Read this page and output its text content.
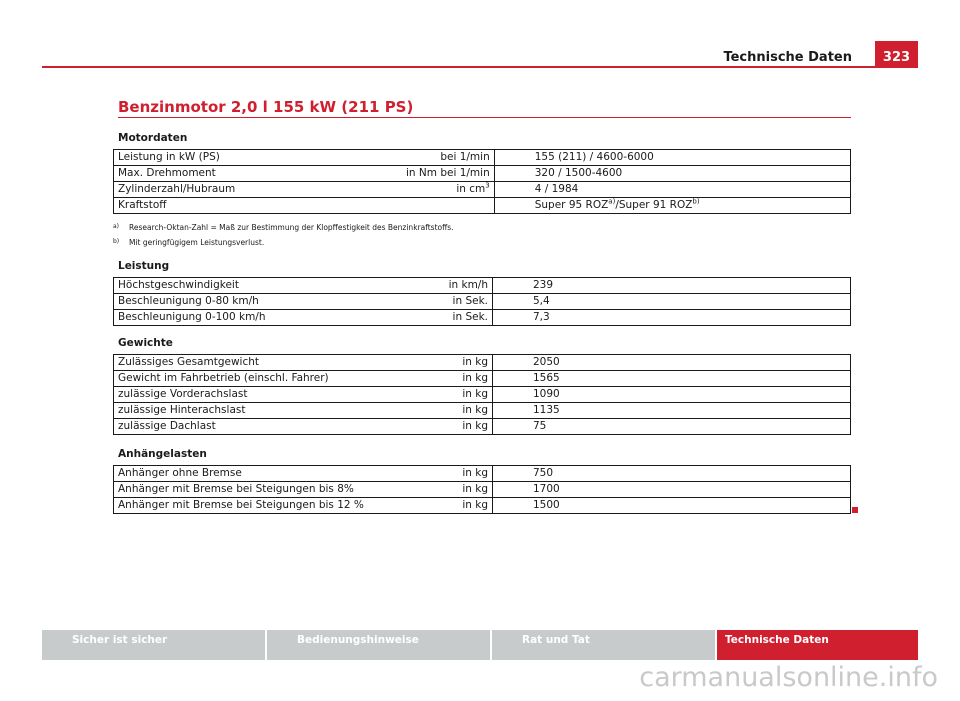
323
Technische Daten
Benzinmotor 2,0 l 155 kW (211 PS)
Motordaten
Leistung in kW (PS)	bei 1/min	155 (211) / 4600-6000
Max. Drehmoment	in Nm bei 1/min	320 / 1500-4600
Zylinderzahl/Hubraum	in $cm^3$	4 / 1984
Kraftstoff		Super 95 ROZ$^{a)}$/Super 91 ROZ$^{b)}$
a) Research-Oktan-Zahl = Maß zur Bestimmung der Klopffestigkeit des Benzinkraftstoffs.
b) Mit geringfügigem Leistungsverlust.
Leistung
Höchstgeschwindigkeit	in km/h	239
Beschleunigung 0-80 km/h	in Sek.	5,4
Beschleunigung 0-100 km/h	in Sek.	7,3
Gewichte
Zulässiges Gesamtgewicht	in kg	2050
Gewicht im Fahrbetrieb (einschl. Fahrer)	in kg	1565
zulässige Vorderachslast	in kg	1090
zulässige Hinterachslast	in kg	1135
zulässige Dachlast	in kg	75
Anhängelasten
Anhänger ohne Bremse	in kg	750
Anhänger mit Bremse bei Steigungen bis 8%	in kg	1700
Anhänger mit Bremse bei Steigungen bis 12 %	in kg	1500
Sicher ist sicher	Bedienungshinweise	Rat und Tat	Technische Daten
carmanualsonline.info
